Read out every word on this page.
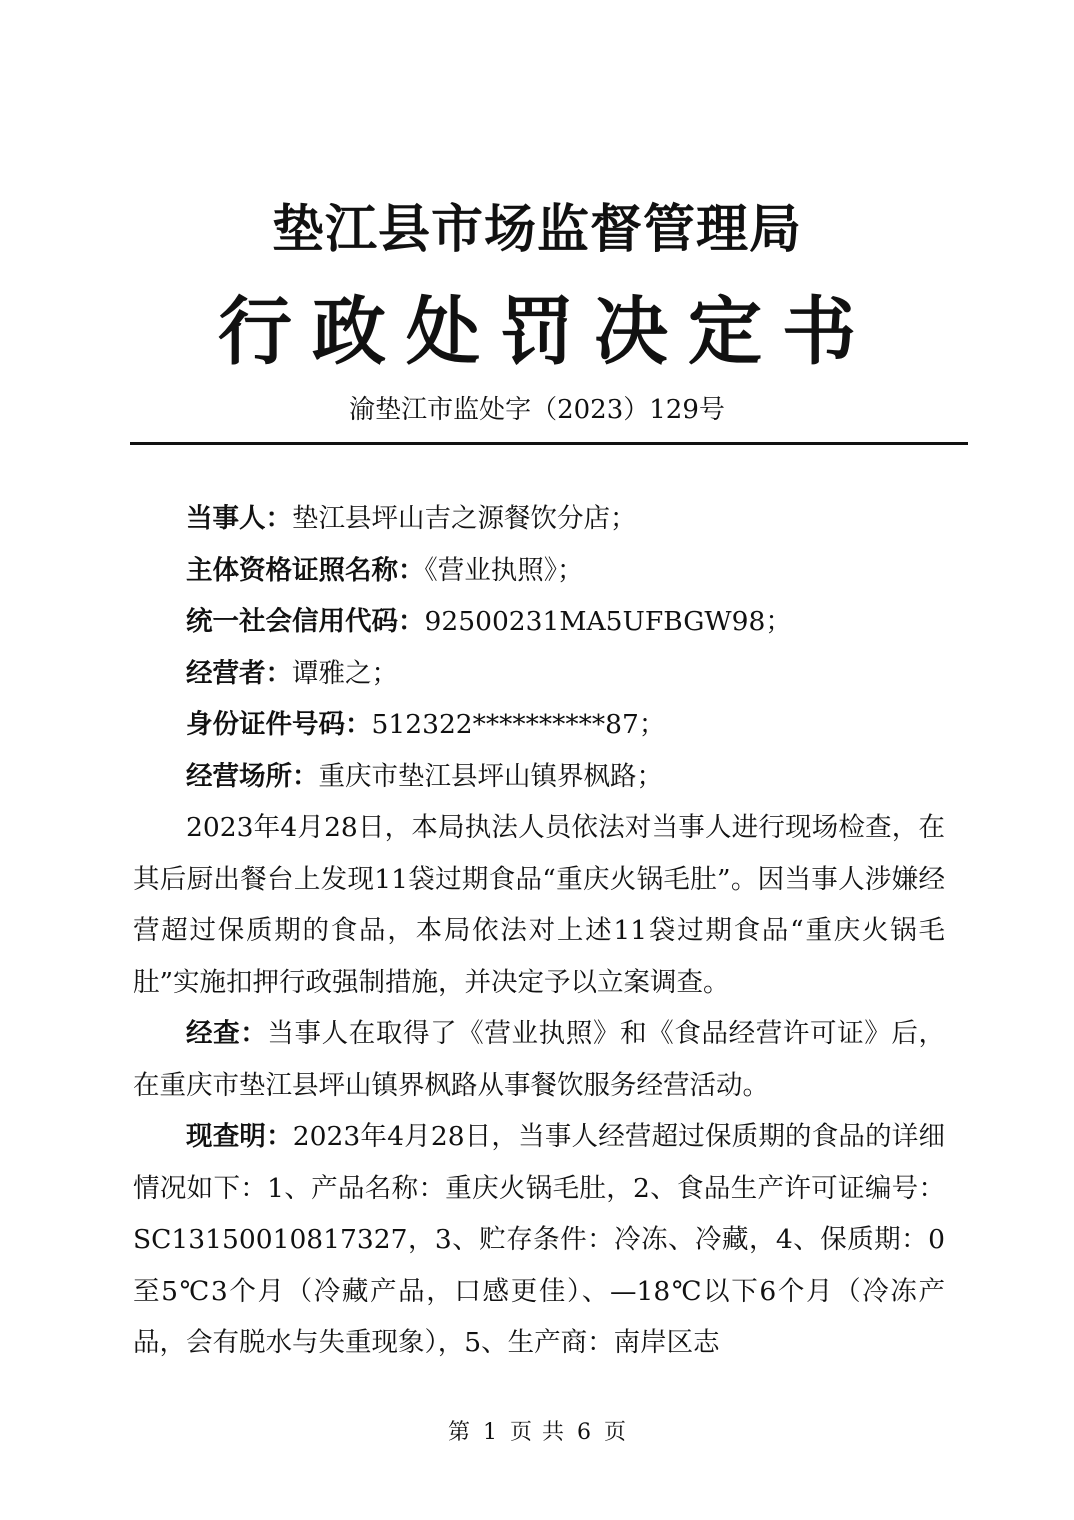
垫江县市场监督管理局
行政处罚决定书
渝垫江市监处字（2023）129号

当事人：垫江县坪山吉之源餐饮分店；

主体资格证照名称：《营业执照》；

统一社会信用代码：92500231MA5UFBGW98；

经营者：谭雅之；

身份证件号码：512322**********87；

经营场所：重庆市垫江县坪山镇界枫路；

2023年4月28日，本局执法人员依法对当事人进行现场检查，在其后厨出餐台上发现11袋过期食品“重庆火锅毛肚”。因当事人涉嫌经营超过保质期的食品，本局依法对上述11袋过期食品“重庆火锅毛肚”实施扣押行政强制措施，并决定予以立案调查。

经查：当事人在取得了《营业执照》和《食品经营许可证》后，在重庆市垫江县坪山镇界枫路从事餐饮服务经营活动。

现查明：2023年4月28日，当事人经营超过保质期的食品的详细情况如下：1、产品名称：重庆火锅毛肚，2、食品生产许可证编号：SC13150010817327，3、贮存条件：冷冻、冷藏，4、保质期：0至5℃3个月（冷藏产品，口感更佳）、—18℃以下6个月（冷冻产品，会有脱水与失重现象），5、生产商：南岸区志

第 1 页 共 6 页
